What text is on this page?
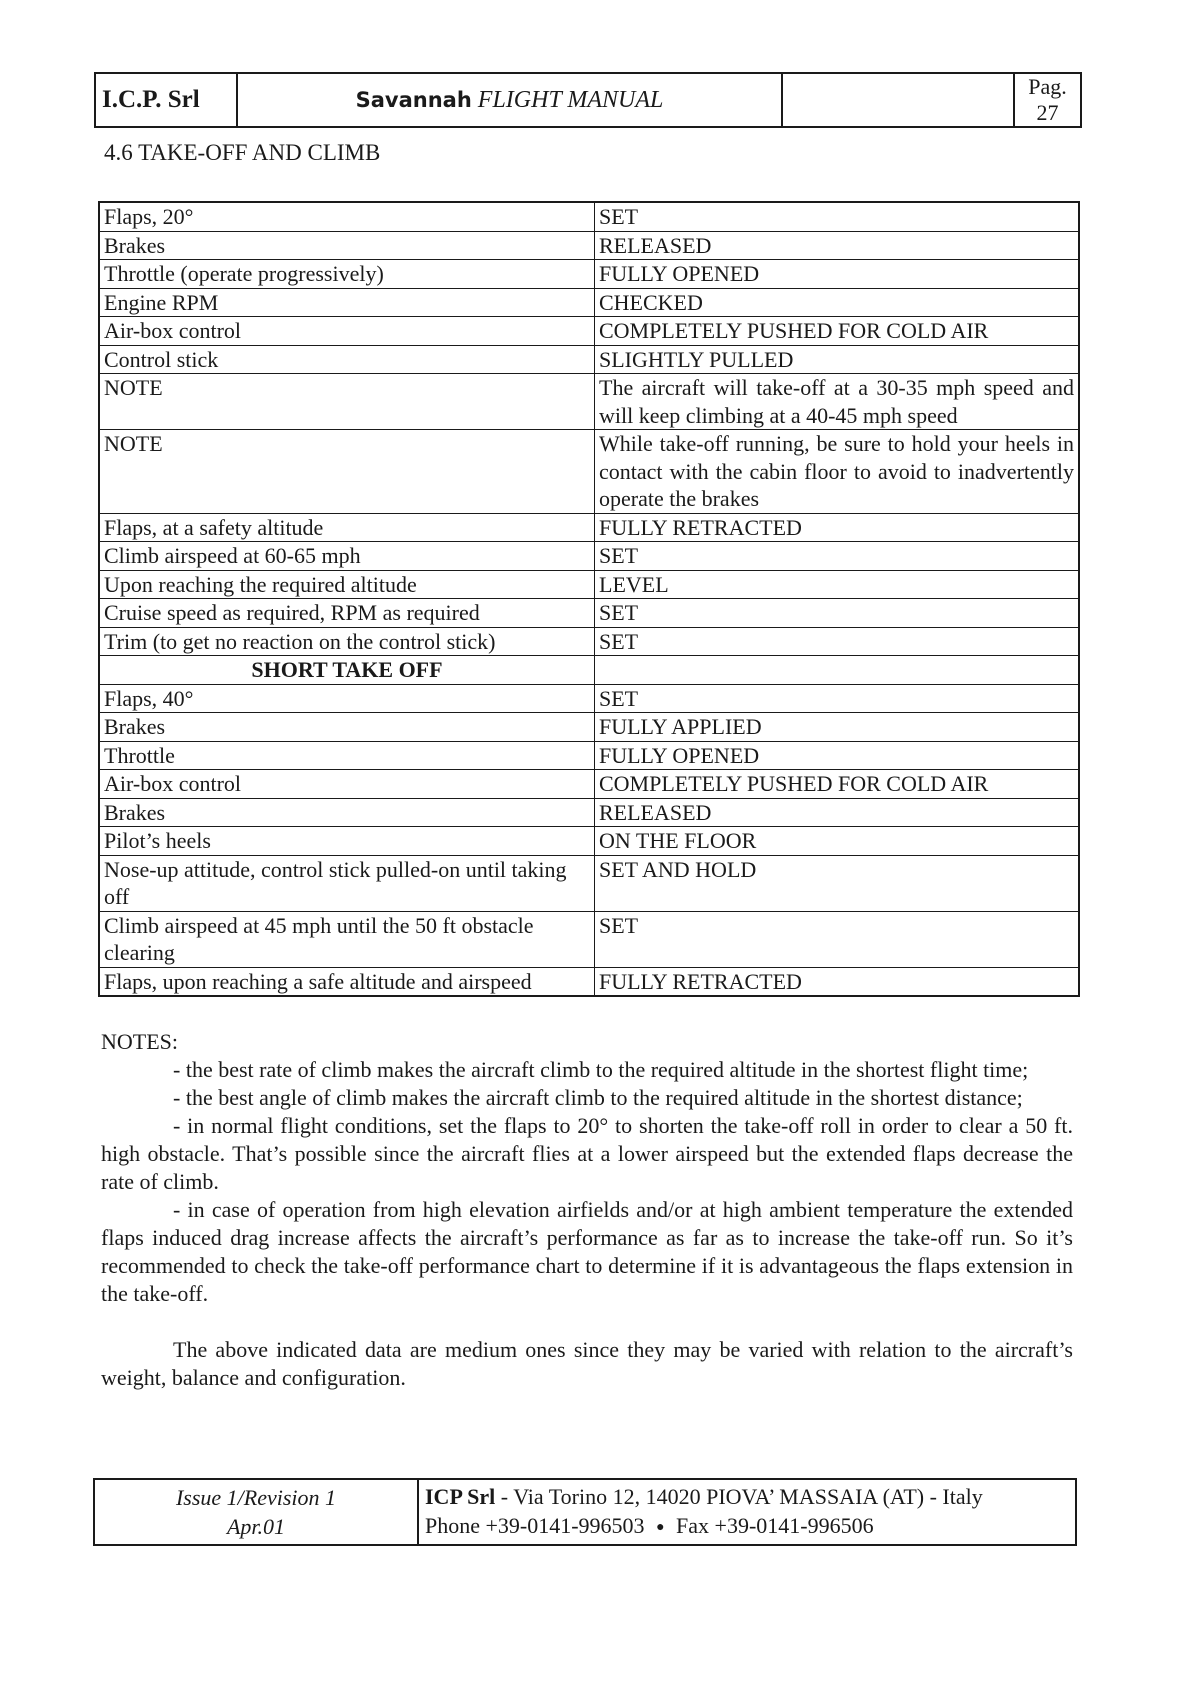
I.C.P. Srl	Savannah FLIGHT MANUAL		Pag. 27
4.6 TAKE-OFF AND CLIMB
Flaps, 20°	SET
Brakes	RELEASED
Throttle (operate progressively)	FULLY OPENED
Engine RPM	CHECKED
Air-box control	COMPLETELY PUSHED FOR COLD AIR
Control stick	SLIGHTLY PULLED
NOTE	The aircraft will take-off at a 30-35 mph speed and will keep climbing at a 40-45 mph speed
NOTE	While take-off running, be sure to hold your heels in contact with the cabin floor to avoid to inadvertently operate the brakes
Flaps, at a safety altitude	FULLY RETRACTED
Climb airspeed at 60-65 mph	SET
Upon reaching the required altitude	LEVEL
Cruise speed as required, RPM as required	SET
Trim (to get no reaction on the control stick)	SET
SHORT TAKE OFF	
Flaps, 40°	SET
Brakes	FULLY APPLIED
Throttle	FULLY OPENED
Air-box control	COMPLETELY PUSHED FOR COLD AIR
Brakes	RELEASED
Pilot’s heels	ON THE FLOOR
Nose-up attitude, control stick pulled-on until taking off	SET AND HOLD
Climb airspeed at 45 mph until the 50 ft obstacle clearing	SET
Flaps, upon reaching a safe altitude and airspeed	FULLY RETRACTED

NOTES:

- the best rate of climb makes the aircraft climb to the required altitude in the shortest flight time;

- the best angle of climb makes the aircraft climb to the required altitude in the shortest distance;

- in normal flight conditions, set the flaps to 20° to shorten the take-off roll in order to clear a 50 ft. high obstacle. That’s possible since the aircraft flies at a lower airspeed but the extended flaps decrease the rate of climb.

- in case of operation from high elevation airfields and/or at high ambient temperature the extended flaps induced drag increase affects the aircraft’s performance as far as to increase the take-off run. So it’s recommended to check the take-off performance chart to determine if it is advantageous the flaps extension in the take-off.

The above indicated data are medium ones since they may be varied with relation to the aircraft’s weight, balance and configuration.

Issue 1/Revision 1
Apr.01

ICP Srl - Via Torino 12, 14020 PIOVA’ MASSAIA (AT) - Italy
Phone +39-0141-996503 ● Fax +39-0141-996506
